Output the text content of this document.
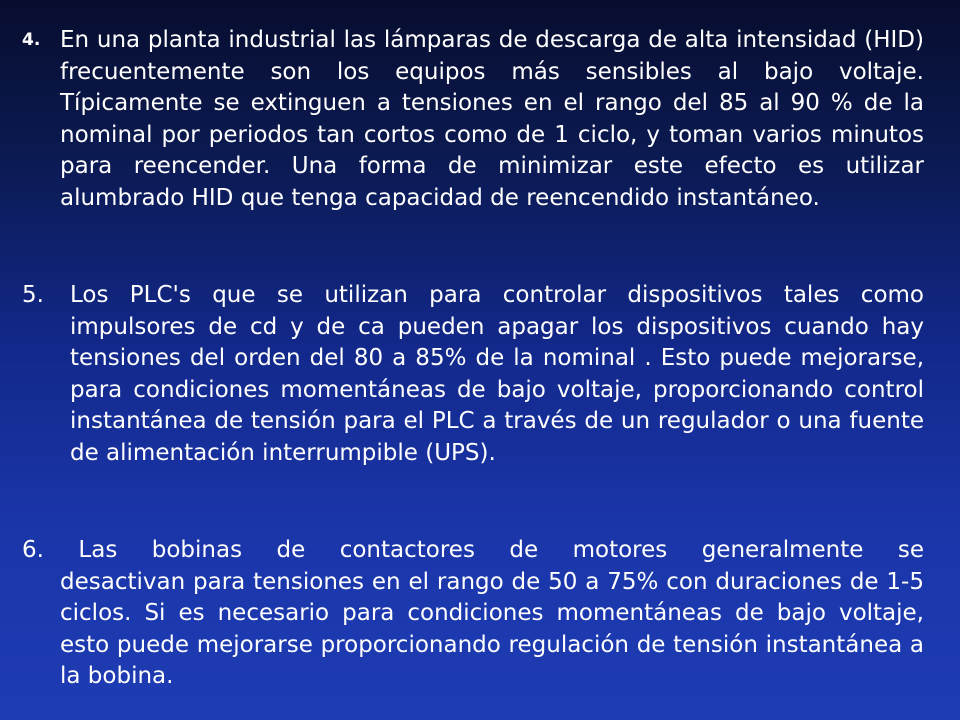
4. En una planta industrial las lámparas de descarga de alta intensidad (HID) frecuentemente son los equipos más sensibles al bajo voltaje. Típicamente se extinguen a tensiones en el rango del 85 al 90 % de la nominal por periodos tan cortos como de 1 ciclo, y toman varios minutos para reencender. Una forma de minimizar este efecto es utilizar alumbrado HID que tenga capacidad de reencendido instantáneo.
5. Los PLC's que se utilizan para controlar dispositivos tales como impulsores de cd y de ca pueden apagar los dispositivos cuando hay tensiones del orden del 80 a 85% de la nominal . Esto puede mejorarse, para condiciones momentáneas de bajo voltaje, proporcionando control instantánea de tensión para el PLC a través de un regulador o una fuente de alimentación interrumpible (UPS).
6. Las bobinas de contactores de motores generalmente se
desactivan para tensiones en el rango de 50 a 75% con duraciones de 1-5 ciclos. Si es necesario para condiciones momentáneas de bajo voltaje, esto puede mejorarse proporcionando regulación de tensión instantánea a la bobina.
